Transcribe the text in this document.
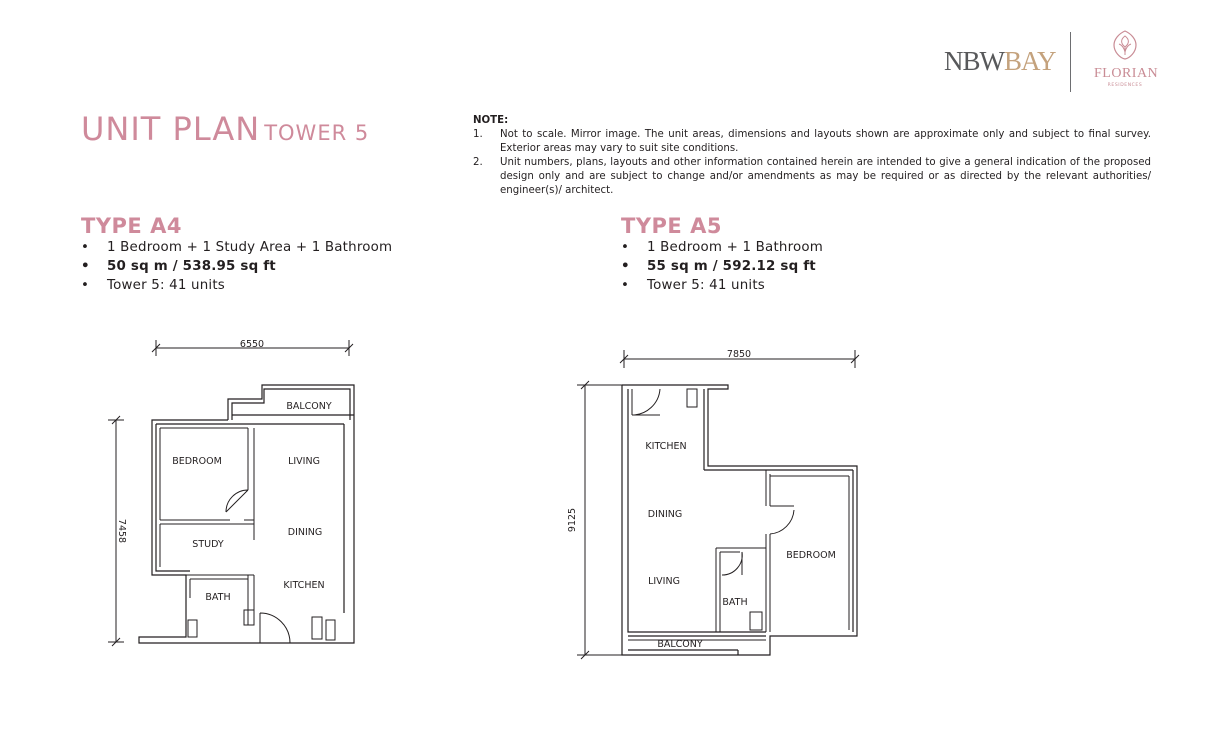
NBWBAY	FLORIAN
RESIDENCES
UNIT PLAN TOWER 5
NOTE:
1.	Not to scale. Mirror image. The unit areas, dimensions and layouts shown are approximate only and subject to final survey. Exterior areas may vary to suit site conditions.
2.	Unit numbers, plans, layouts and other information contained herein are intended to give a general indication of the proposed design only and are subject to change and/or amendments as may be required or as directed by the relevant authorities/ engineer(s)/ architect.
TYPE A4
•	1 Bedroom + 1 Study Area + 1 Bathroom
•	50 sq m / 538.95 sq ft
•	Tower 5: 41 units
TYPE A5
•	1 Bedroom + 1 Bathroom
•	55 sq m / 592.12 sq ft
•	Tower 5: 41 units
6550
7458
BALCONY
BEDROOM	LIVING
DINING
STUDY
KITCHEN
BATH
7850
9125
KITCHEN
DINING
LIVING
BEDROOM
BATH
BALCONY
